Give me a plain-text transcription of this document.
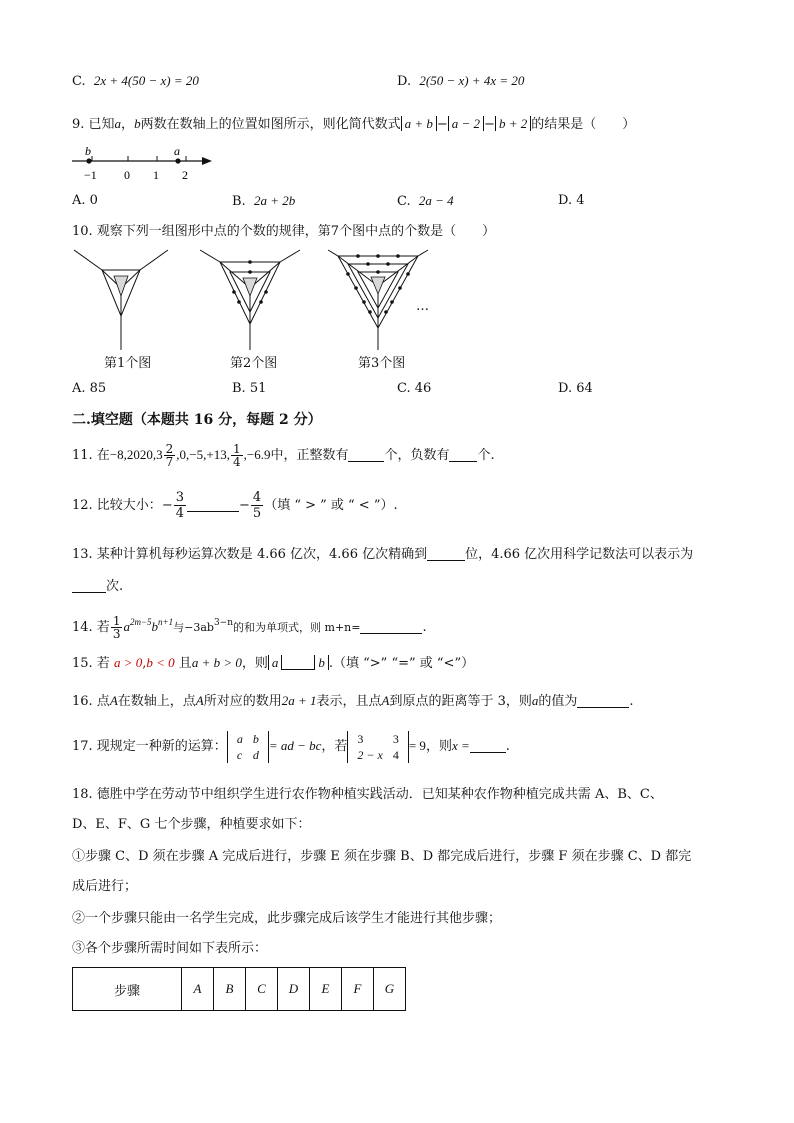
C. 2x + 4(50 − x) = 20	D. 2(50 − x) + 4x = 20
9. 已知a，b两数在数轴上的位置如图所示，则化简代数式 a + b − a − 2 − b + 2 的结果是（　　）
b	a
−1 0 1 2
A. 0	B. 2a + 2b	C. 2a − 4	D. 4
10. 观察下列一组图形中点的个数的规律，第7个图中点的个数是（　　）
第1个图	第2个图	第3个图
…
A. 85	B. 51	C. 46	D. 64
二.填空题（本题共 16 分，每题 2 分）
11. 在$-8,2020,3 \frac{2}{7} ,0,-5,+13$, $\frac{1}{4} ,-6.9$中，正整数有	个，负数有 个.
12. 比较大小：− $\frac{3}{4}$	− $\frac{4}{5}$ （填 “ > ” 或 “ < ”）.
13. 某种计算机每秒运算次数是 4.66 亿次，4.66 亿次精确到	位，4.66 亿次用科学记数法可以表示为
次.
14. 若 $\frac{1}{3} a^{2m-5}b^{n+1}$与$-3ab^{3-n}$的和为单项式，则 m+n=	.
15. 若 a > 0,b < 0 且a + b > 0，则 a	b .（填 “>” “=” 或 “<”）
16. 点A在数轴上，点A所对应的数用2a + 1表示，且点A到原点的距离等于 3，则a的值为	.
17. 现规定一种新的运算：
a	b
c	d
= ad − bc，若
3	3
2 − x	4
= 9，则x =	.
18. 德胜中学在劳动节中组织学生进行农作物种植实践活动．已知某种农作物种植完成共需 A、B、C、
D、E、F、G 七个步骤，种植要求如下：
①步骤 C、D 须在步骤 A 完成后进行，步骤 E 须在步骤 B、D 都完成后进行，步骤 F 须在步骤 C、D 都完
成后进行；
②一个步骤只能由一名学生完成，此步骤完成后该学生才能进行其他步骤；
③各个步骤所需时间如下表所示：
步骤	A	B	C	D	E	F	G
